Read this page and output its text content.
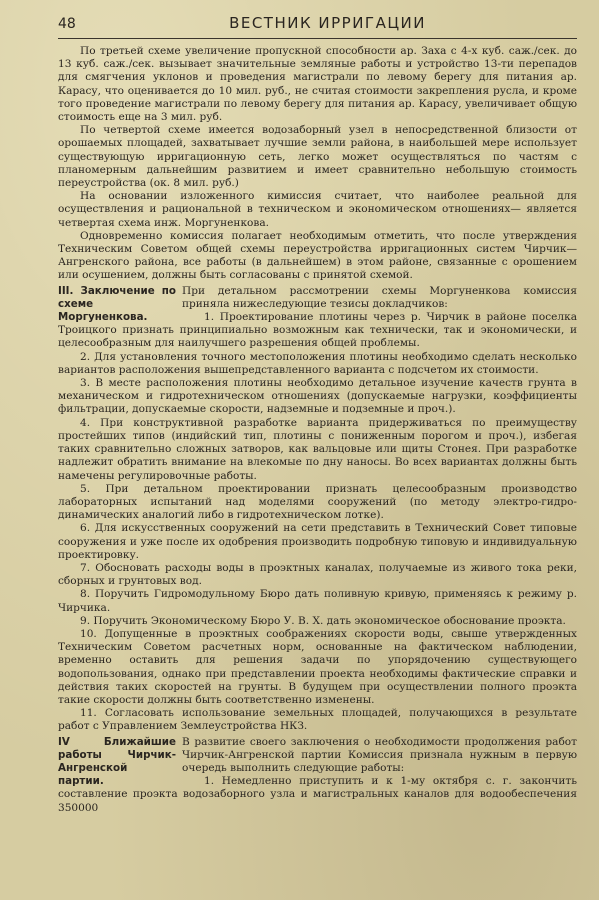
48	ВЕСТНИК ИРРИГАЦИИ

По третьей схеме увеличение пропускной способности ар. Заха с 4-х куб. саж./сек. до 13 куб. саж./сек. вызывает значительные земляные работы и устройство 13-ти перепадов для смягчения уклонов и проведения магистрали по левому берегу для питания ар. Карасу, что оценивается до 10 мил. руб., не считая стоимости закрепления русла, и кроме того проведение магистрали по левому берегу для питания ар. Карасу, увеличивает общую стоимость еще на 3 мил. руб.

По четвертой схеме имеется водозаборный узел в непосредственной близости от орошаемых площадей, захватывает лучшие земли района, в наибольшей мере использует существующую ирригационную сеть, легко может осуществляться по частям с планомерным дальнейшим развитием и имеет сравнительно небольшую стоимость переустройства (ок. 8 мил. руб.)

На основании изложенного кимиссия считает, что наиболее реальной для осуществления и рациональной в техническом и экономическом отношениях— является четвертая схема инж. Моргуненкова.

Одновременно комиссия полагает необходимым отметить, что после утверждения Техническим Советом общей схемы переустройства ирригационных систем Чирчик—Ангренского района, все работы (в дальнейшем) в этом районе, связанные с орошением или осушением, должны быть согласованы с принятой схемой.

III. Заключение по схеме Моргуненкова.

При детальном рассмотрении схемы Моргуненкова комиссия приняла нижеследующие тезисы докладчиков:

1. Проектирование плотины через р. Чирчик в районе поселка Троицкого признать принципиально возможным как технически, так и экономически, и целесообразным для наилучшего разрешения общей проблемы.

2. Для установления точного местоположения плотины необходимо сделать несколько вариантов расположения вышепредставленного варианта с подсчетом их стоимости.

3. В месте расположения плотины необходимо детальное изучение качеств грунта в механическом и гидротехническом отношениях (допускаемые нагрузки, коэффициенты фильтрации, допускаемые скорости, надземные и подземные и проч.).

4. При конструктивной разработке варианта придерживаться по преимуществу простейших типов (индийский тип, плотины с пониженным порогом и проч.), избегая таких сравнительно сложных затворов, как вальцовые или щиты Стонея. При разработке надлежит обратить внимание на влекомые по дну наносы. Во всех вариантах должны быть намечены регулировочные работы.

5. При детальном проектировании признать целесообразным производство лабораторных испытаний над моделями сооружений (по методу электро-гидро-динамических аналогий либо в гидротехническом лотке).

6. Для искусственных сооружений на сети представить в Технический Совет типовые сооружения и уже после их одобрения производить подробную типовую и индивидуальную проектировку.

7. Обосновать расходы воды в проэктных каналах, получаемые из живого тока реки, сборных и грунтовых вод.

8. Поручить Гидромодульному Бюро дать поливную кривую, применяясь к режиму р. Чирчика.

9. Поручить Экономическому Бюро У. В. Х. дать экономическое обоснование проэкта.

10. Допущенные в проэктных соображениях скорости воды, свыше утвержденных Техническим Советом расчетных норм, основанные на фактическом наблюдении, временно оставить для решения задачи по упорядочению существующего водопользования, однако при представлении проекта необходимы фактические справки и действия таких скоростей на грунты. В будущем при осуществлении полного проэкта такие скорости должны быть соответственно изменены.

11. Согласовать использование земельных площадей, получающихся в результате работ с Управлением Землеустройства НКЗ.

IV Ближайшие работы Чирчик-Ангренской партии.

В развитие своего заключения о необходимости продолжения работ Чирчик-Ангренской партии Комиссия признала нужным в первую очередь выполнить следующие работы:

1. Немедленно приступить и к 1-му октября с. г. закончить составление проэкта водозаборного узла и магистральных каналов для водообеспечения 350000
